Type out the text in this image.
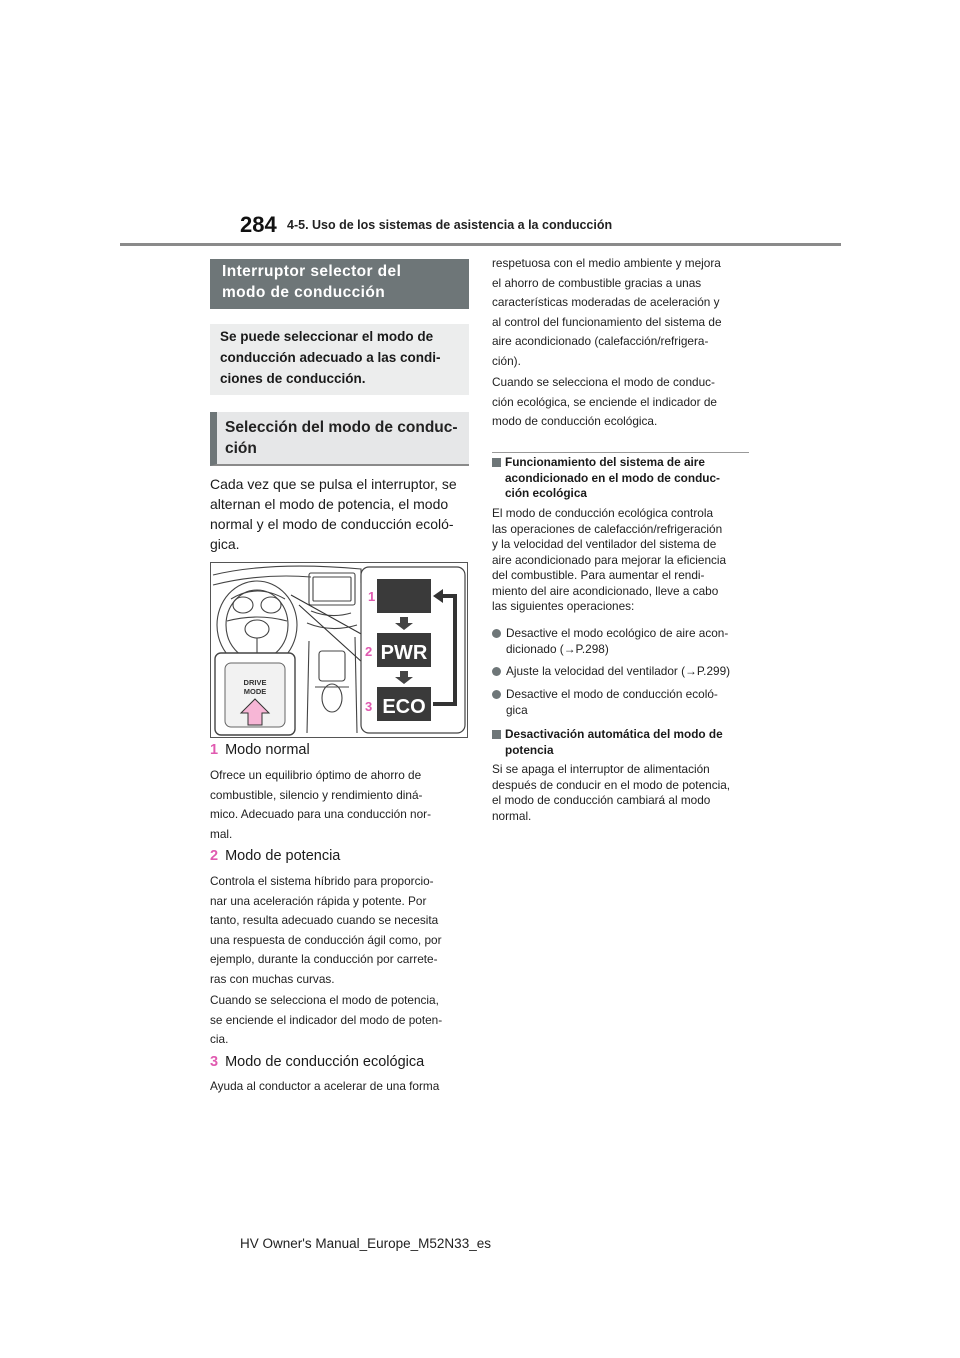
284 4-5. Uso de los sistemas de asistencia a la conducción
Interruptor selector del
modo de conducción
Se puede seleccionar el modo de
conducción adecuado a las condi-
ciones de conducción.
Selección del modo de conduc-
ción
Cada vez que se pulsa el interruptor, se
alternan el modo de potencia, el modo
normal y el modo de conducción ecoló-
gica.
DRIVE
MODE
1
2
3
PWR
ECO
1 Modo normal
Ofrece un equilibrio óptimo de ahorro de
combustible, silencio y rendimiento diná-
mico. Adecuado para una conducción nor-
mal.
2 Modo de potencia
Controla el sistema híbrido para proporcio-
nar una aceleración rápida y potente. Por
tanto, resulta adecuado cuando se necesita
una respuesta de conducción ágil como, por
ejemplo, durante la conducción por carrete-
ras con muchas curvas.
Cuando se selecciona el modo de potencia,
se enciende el indicador del modo de poten-
cia.
3 Modo de conducción ecológica
Ayuda al conductor a acelerar de una forma
respetuosa con el medio ambiente y mejora
el ahorro de combustible gracias a unas
características moderadas de aceleración y
al control del funcionamiento del sistema de
aire acondicionado (calefacción/refrigera-
ción).
Cuando se selecciona el modo de conduc-
ción ecológica, se enciende el indicador de
modo de conducción ecológica.
Funcionamiento del sistema de aire
acondicionado en el modo de conduc-
ción ecológica
El modo de conducción ecológica controla
las operaciones de calefacción/refrigeración
y la velocidad del ventilador del sistema de
aire acondicionado para mejorar la eficiencia
del combustible. Para aumentar el rendi-
miento del aire acondicionado, lleve a cabo
las siguientes operaciones:
Desactive el modo ecológico de aire acon-
dicionado (→P.298)
Ajuste la velocidad del ventilador (→P.299)
Desactive el modo de conducción ecoló-
gica
Desactivación automática del modo de
potencia
Si se apaga el interruptor de alimentación
después de conducir en el modo de potencia,
el modo de conducción cambiará al modo
normal.
HV Owner's Manual_Europe_M52N33_es
